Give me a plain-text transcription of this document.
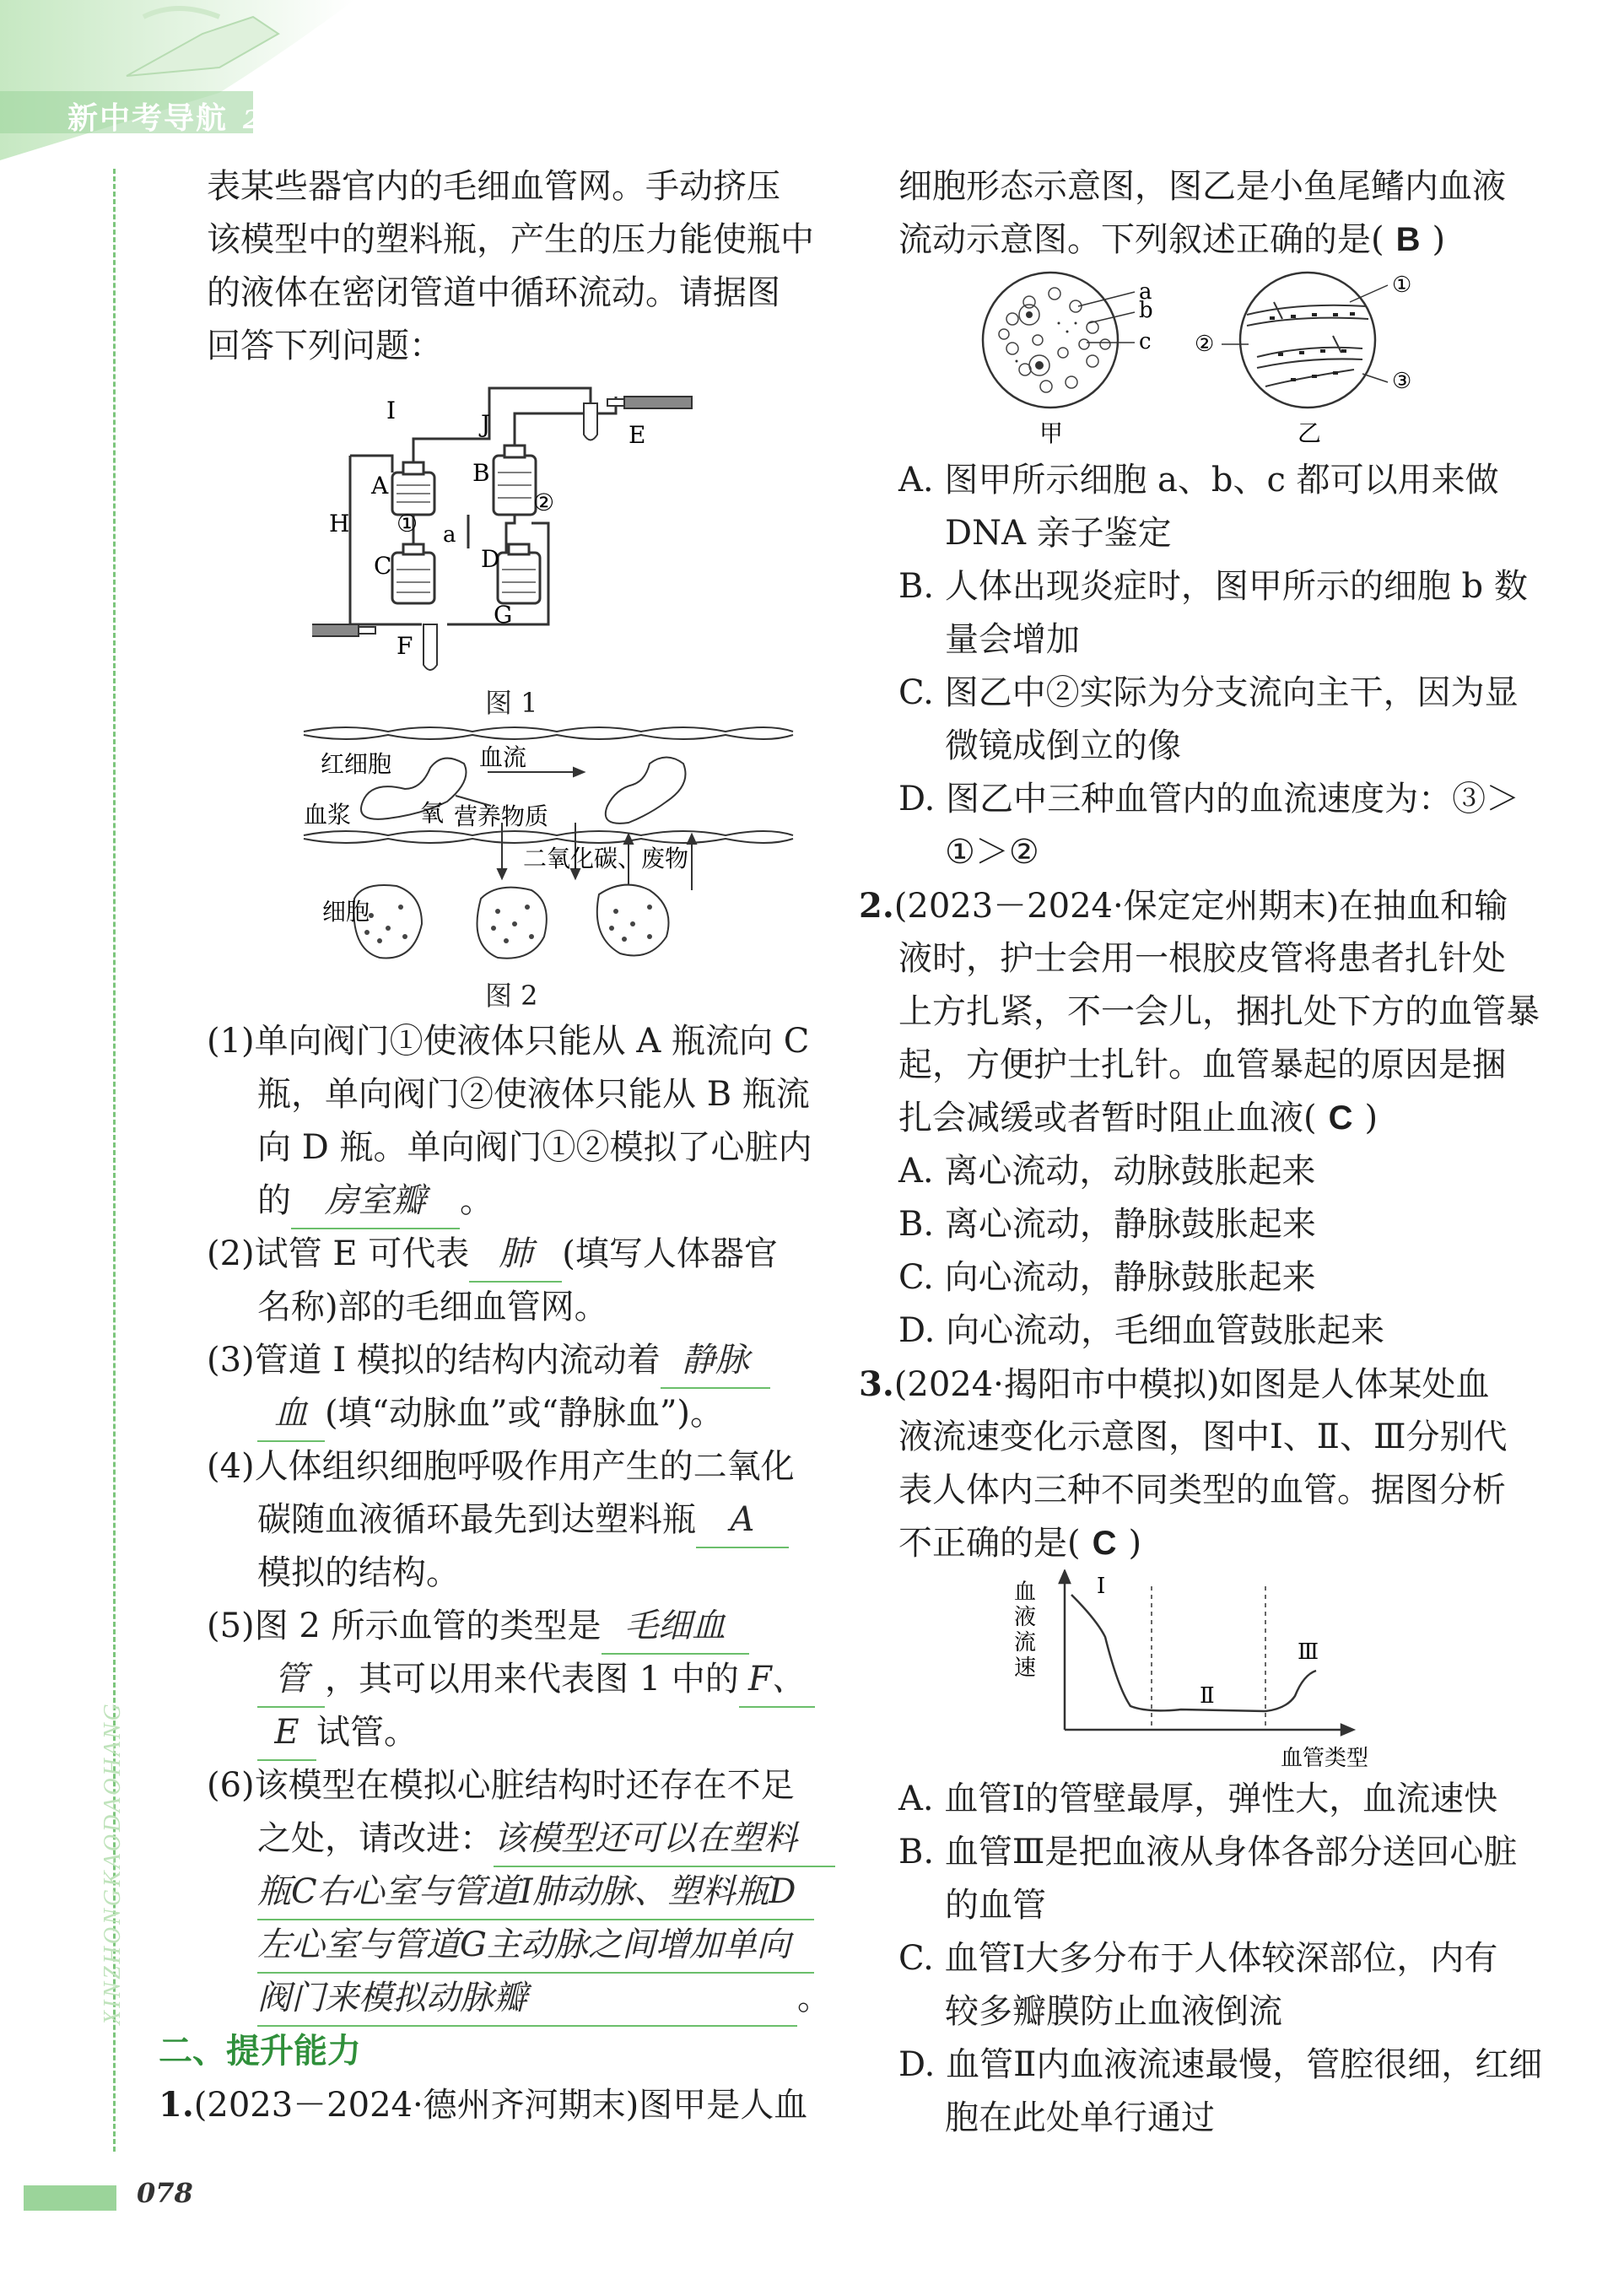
新中考导航 2025
XINZHONGKAODAOHANG
078
表某些器官内的毛细血管网。手动挤压
该模型中的塑料瓶，产生的压力能使瓶中
的液体在密闭管道中循环流动。请据图
回答下列问题：
I	J	E
A	B
①
②
H	a
C	D
F
G
图 1
红细胞	血流
血浆	氧 营养物质
二氧化碳、废物
细胞
图 2
(1)单向阀门①使液体只能从 A 瓶流向 C
瓶，单向阀门②使液体只能从 B 瓶流
向 D 瓶。单向阀门①②模拟了心脏内
的 房室瓣 。
(2)试管 E 可代表 肺 (填写人体器官
名称)部的毛细血管网。
(3)管道 I 模拟的结构内流动着 静脉
血 (填“动脉血”或“静脉血”)。
(4)人体组织细胞呼吸作用产生的二氧化
碳随血液循环最先到达塑料瓶 A
模拟的结构。
(5)图 2 所示血管的类型是 毛细血
管 ，其可以用来代表图 1 中的 F、
E 试管。
(6)该模型在模拟心脏结构时还存在不足
之处，请改进：该模型还可以在塑料
瓶C右心室与管道I肺动脉、塑料瓶D
左心室与管道G主动脉之间增加单向
阀门来模拟动脉瓣	。
二、提升能力
1.(2023－2024·德州齐河期末)图甲是人血
细胞形态示意图，图乙是小鱼尾鳍内血液
流动示意图。下列叙述正确的是( B )
a
b
c
甲
①
②
③
乙
A. 图甲所示细胞 a、b、c 都可以用来做
DNA 亲子鉴定
B. 人体出现炎症时，图甲所示的细胞 b 数
量会增加
C. 图乙中②实际为分支流向主干，因为显
微镜成倒立的像
D. 图乙中三种血管内的血流速度为：③＞
①＞②
2.(2023－2024·保定定州期末)在抽血和输
液时，护士会用一根胶皮管将患者扎针处
上方扎紧，不一会儿，捆扎处下方的血管暴
起，方便护士扎针。血管暴起的原因是捆
扎会减缓或者暂时阻止血液( C )
A. 离心流动，动脉鼓胀起来
B. 离心流动，静脉鼓胀起来
C. 向心流动，静脉鼓胀起来
D. 向心流动，毛细血管鼓胀起来
3.(2024·揭阳市中模拟)如图是人体某处血
液流速变化示意图，图中Ⅰ、Ⅱ、Ⅲ分别代
表人体内三种不同类型的血管。据图分析
不正确的是( C )
血
液
流
速
Ⅰ
Ⅱ
Ⅲ
血管类型
A. 血管Ⅰ的管壁最厚，弹性大，血流速快
B. 血管Ⅲ是把血液从身体各部分送回心脏
的血管
C. 血管Ⅰ大多分布于人体较深部位，内有
较多瓣膜防止血液倒流
D. 血管Ⅱ内血液流速最慢，管腔很细，红细
胞在此处单行通过
